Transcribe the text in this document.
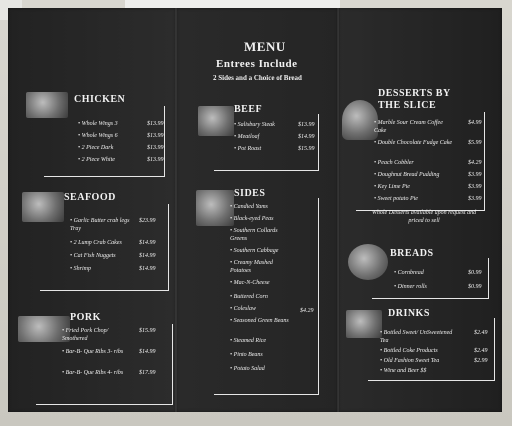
MENU
Entrees Include
2 Sides and a Choice of Bread
CHICKEN
• Whole Wings 3	$13.99
• Whole Wings 6	$13.99
• 2 Piece Dark	$13.99
• 2 Piece White	$13.99
SEAFOOD
• Garlic Butter crab legs Tray
$23.99
• 2 Lump Crab Cakes	$14.99
• Cat Fish Nuggets	$14.99
• Shrimp	$14.99
PORK
• Fried Pork Chop/ Smothered
$15.99
• Bar-B- Que Ribs 3- ribs	$14.99
• Bar-B- Que Ribs 4- ribs	$17.99
BEEF
• Salisbury Steak	$13.99
• Meatloaf	$14.99
• Pot Roast	$15.99
SIDES
• Candied Yams
• Black-eyed Peas
• Southern Collards Greens
• Southern Cabbage
• Creamy Mashed Potatoes
• Mac-N-Cheese
• Buttered Corn
• Coleslaw	$4.29
• Seasoned Green Beans
• Steamed Rice
• Pinto Beans
• Potato Salad
DESSERTS BY
THE SLICE
• Marble Sour Cream Coffee Cake
$4.99
• Double Chocolate Fudge Cake	$5.99
• Peach Cobbler	$4.29
• Doughnut Bread Pudding	$3.99
• Key Lime Pie	$3.99
• Sweet potato Pie	$3.99
Whole Desserts available upon request and priced to sell
BREADS
• Cornbread	$0.99
• Dinner rolls	$0.99
DRINKS
• Bottled Sweet/ UnSweetened Tea
$2.49
• Bottled Coke Products	$2.49
• Old Fashion Sweet Tea	$2.99
• Wine and Beer $$
